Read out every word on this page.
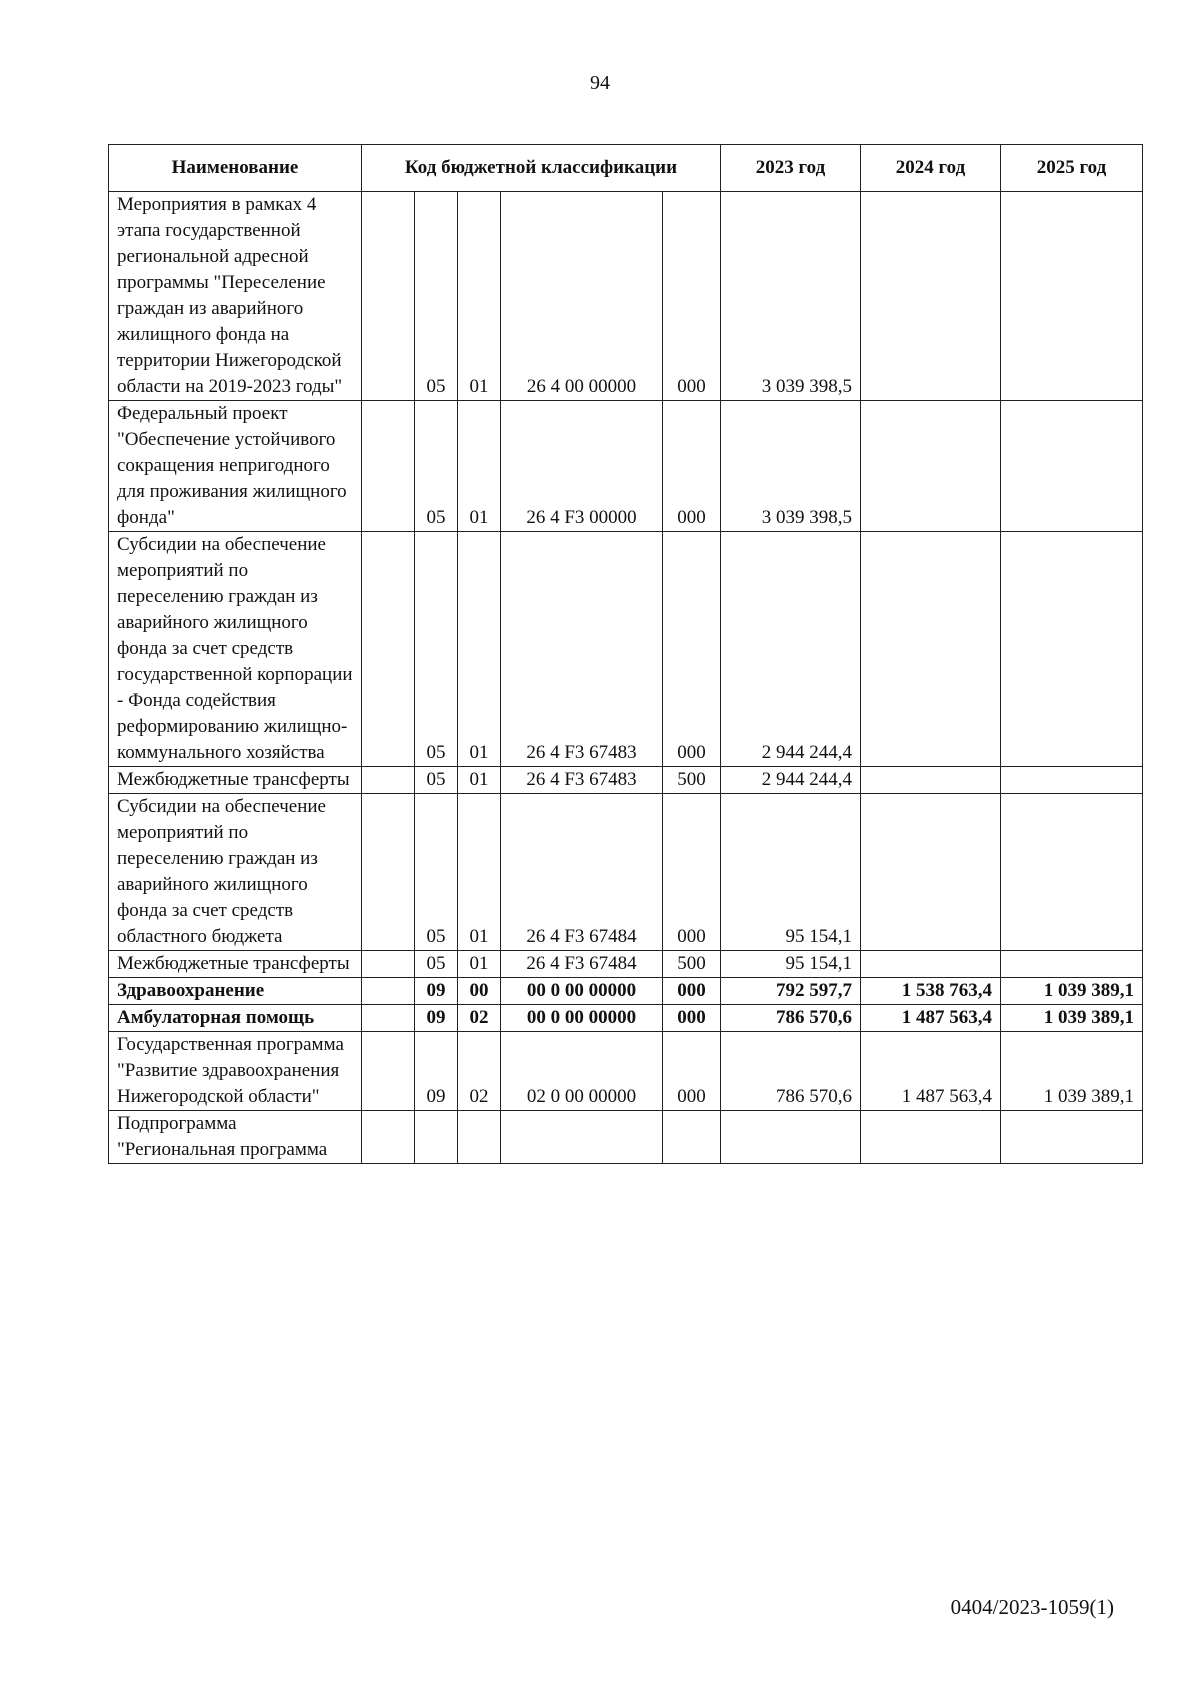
94
Наименование	Код бюджетной классификации					2023 год	2024 год	2025 год
Мероприятия в рамках 4 этапа государственной региональной адресной программы "Переселение граждан из аварийного жилищного фонда на территории Нижегородской области на 2019-2023 годы"		05	01	26 4 00 00000	000	3 039 398,5		
Федеральный проект "Обеспечение устойчивого сокращения непригодного для проживания жилищного фонда"		05	01	26 4 F3 00000	000	3 039 398,5		
Субсидии на обеспечение мероприятий по переселению граждан из аварийного жилищного фонда за счет средств государственной корпорации - Фонда содействия реформированию жилищно-коммунального хозяйства		05	01	26 4 F3 67483	000	2 944 244,4		
Межбюджетные трансферты		05	01	26 4 F3 67483	500	2 944 244,4		
Субсидии на обеспечение мероприятий по переселению граждан из аварийного жилищного фонда за счет средств областного бюджета		05	01	26 4 F3 67484	000	95 154,1		
Межбюджетные трансферты		05	01	26 4 F3 67484	500	95 154,1		
Здравоохранение		09	00	00 0 00 00000	000	792 597,7	1 538 763,4	1 039 389,1
Амбулаторная помощь		09	02	00 0 00 00000	000	786 570,6	1 487 563,4	1 039 389,1
Государственная программа "Развитие здравоохранения Нижегородской области"		09	02	02 0 00 00000	000	786 570,6	1 487 563,4	1 039 389,1
Подпрограмма "Региональная программа								
0404/2023-1059(1)
